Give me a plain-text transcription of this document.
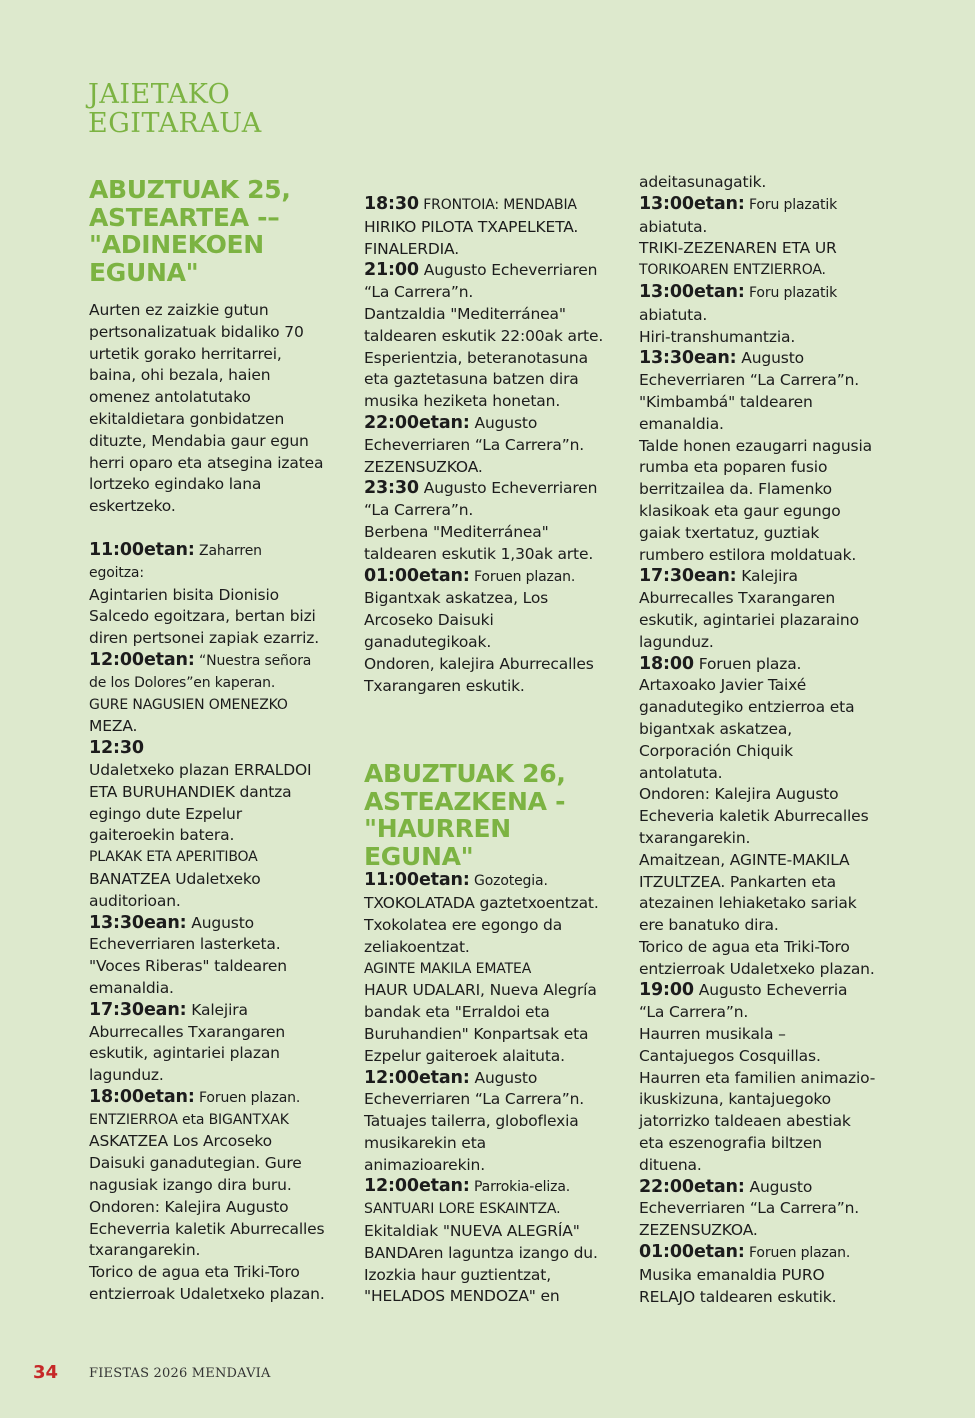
JAIETAKO
EGITARAUA
ABUZTUAK 25,
ASTEARTEA -–
"ADINEKOEN
EGUNA"
Aurten ez zaizkie gutun
pertsonalizatuak bidaliko 70
urtetik gorako herritarrei,
baina, ohi bezala, haien
omenez antolatutako
ekitaldietara gonbidatzen
dituzte, Mendabia gaur egun
herri oparo eta atsegina izatea
lortzeko egindako lana
eskertzeko.
11:00etan: Zaharren
egoitza:
Agintarien bisita Dionisio
Salcedo egoitzara, bertan bizi
diren pertsonei zapiak ezarriz.
12:00etan: “Nuestra señora
de los Dolores”en kaperan.
GURE NAGUSIEN OMENEZKO
MEZA.
12:30
Udaletxeko plazan ERRALDOI
ETA BURUHANDIEK dantza
egingo dute Ezpelur
gaiteroekin batera.
PLAKAK ETA APERITIBOA
BANATZEA Udaletxeko
auditorioan.
13:30ean: Augusto
Echeverriaren lasterketa.
"Voces Riberas" taldearen
emanaldia.
17:30ean: Kalejira
Aburrecalles Txarangaren
eskutik, agintariei plazan
lagunduz.
18:00etan: Foruen plazan.
ENTZIERROA eta BIGANTXAK
ASKATZEA Los Arcoseko
Daisuki ganadutegian. Gure
nagusiak izango dira buru.
Ondoren: Kalejira Augusto
Echeverria kaletik Aburrecalles
txarangarekin.
Torico de agua eta Triki-Toro
entzierroak Udaletxeko plazan.
18:30 FRONTOIA: MENDABIA
HIRIKO PILOTA TXAPELKETA.
FINALERDIA.
21:00 Augusto Echeverriaren
“La Carrera”n.
Dantzaldia "Mediterránea"
taldearen eskutik 22:00ak arte.
Esperientzia, beteranotasuna
eta gaztetasuna batzen dira
musika heziketa honetan.
22:00etan: Augusto
Echeverriaren “La Carrera”n.
ZEZENSUZKOA.
23:30 Augusto Echeverriaren
“La Carrera”n.
Berbena "Mediterránea"
taldearen eskutik 1,30ak arte.
01:00etan: Foruen plazan.
Bigantxak askatzea, Los
Arcoseko Daisuki
ganadutegikoak.
Ondoren, kalejira Aburrecalles
Txarangaren eskutik.
ABUZTUAK 26,
ASTEAZKENA -
"HAURREN
EGUNA"
11:00etan: Gozotegia.
TXOKOLATADA gaztetxoentzat.
Txokolatea ere egongo da
zeliakoentzat.
AGINTE MAKILA EMATEA
HAUR UDALARI, Nueva Alegría
bandak eta "Erraldoi eta
Buruhandien" Konpartsak eta
Ezpelur gaiteroek alaituta.
12:00etan: Augusto
Echeverriaren “La Carrera”n.
Tatuajes tailerra, globoflexia
musikarekin eta
animazioarekin.
12:00etan: Parrokia-eliza.
SANTUARI LORE ESKAINTZA.
Ekitaldiak "NUEVA ALEGRÍA"
BANDAren laguntza izango du.
Izozkia haur guztientzat,
"HELADOS MENDOZA" en
adeitasunagatik.
13:00etan: Foru plazatik
abiatuta.
TRIKI-ZEZENAREN ETA UR
TORIKOAREN ENTZIERROA.
13:00etan: Foru plazatik
abiatuta.
Hiri-transhumantzia.
13:30ean: Augusto
Echeverriaren “La Carrera”n.
"Kimbambá" taldearen
emanaldia.
Talde honen ezaugarri nagusia
rumba eta poparen fusio
berritzailea da. Flamenko
klasikoak eta gaur egungo
gaiak txertatuz, guztiak
rumbero estilora moldatuak.
17:30ean: Kalejira
Aburrecalles Txarangaren
eskutik, agintariei plazaraino
lagunduz.
18:00 Foruen plaza.
Artaxoako Javier Taixé
ganadutegiko entzierroa eta
bigantxak askatzea,
Corporación Chiquik
antolatuta.
Ondoren: Kalejira Augusto
Echeveria kaletik Aburrecalles
txarangarekin.
Amaitzean, AGINTE-MAKILA
ITZULTZEA. Pankarten eta
atezainen lehiaketako sariak
ere banatuko dira.
Torico de agua eta Triki-Toro
entzierroak Udaletxeko plazan.
19:00 Augusto Echeverria
“La Carrera”n.
Haurren musikala –
Cantajuegos Cosquillas.
Haurren eta familien animazio-
ikuskizuna, kantajuegoko
jatorrizko taldeaen abestiak
eta eszenografia biltzen
dituena.
22:00etan: Augusto
Echeverriaren “La Carrera”n.
ZEZENSUZKOA.
01:00etan: Foruen plazan.
Musika emanaldia PURO
RELAJO taldearen eskutik.
34 FIESTAS 2026 MENDAVIA
